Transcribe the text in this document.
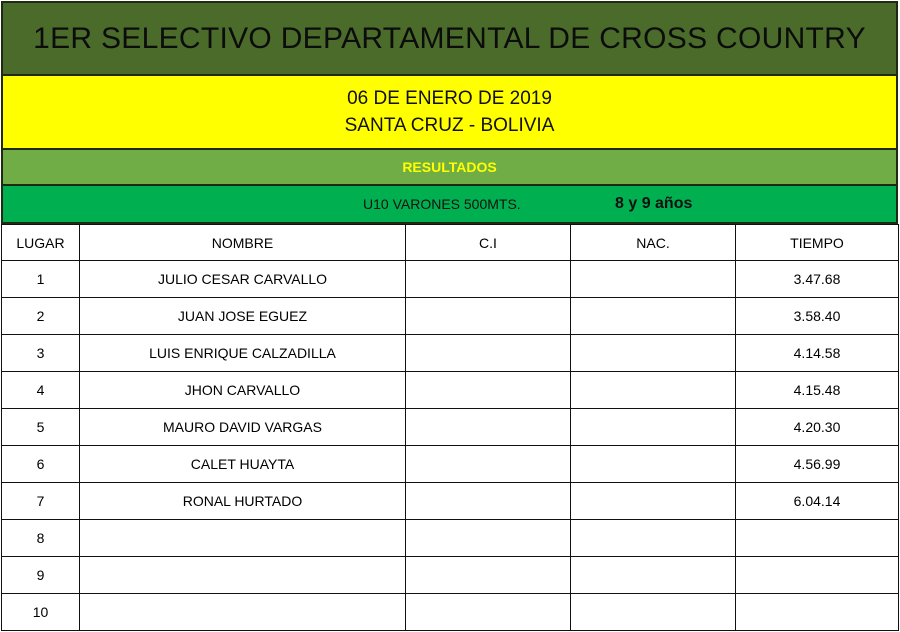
1ER SELECTIVO DEPARTAMENTAL DE CROSS COUNTRY
06 DE ENERO DE 2019
SANTA CRUZ - BOLIVIA
RESULTADOS
U10 VARONES 500MTS.	8 y 9 años
LUGAR	NOMBRE	C.I	NAC.	TIEMPO
1	JULIO CESAR CARVALLO			3.47.68
2	JUAN JOSE EGUEZ			3.58.40
3	LUIS ENRIQUE CALZADILLA			4.14.58
4	JHON CARVALLO			4.15.48
5	MAURO DAVID VARGAS			4.20.30
6	CALET HUAYTA			4.56.99
7	RONAL HURTADO			6.04.14
8				
9				
10				
